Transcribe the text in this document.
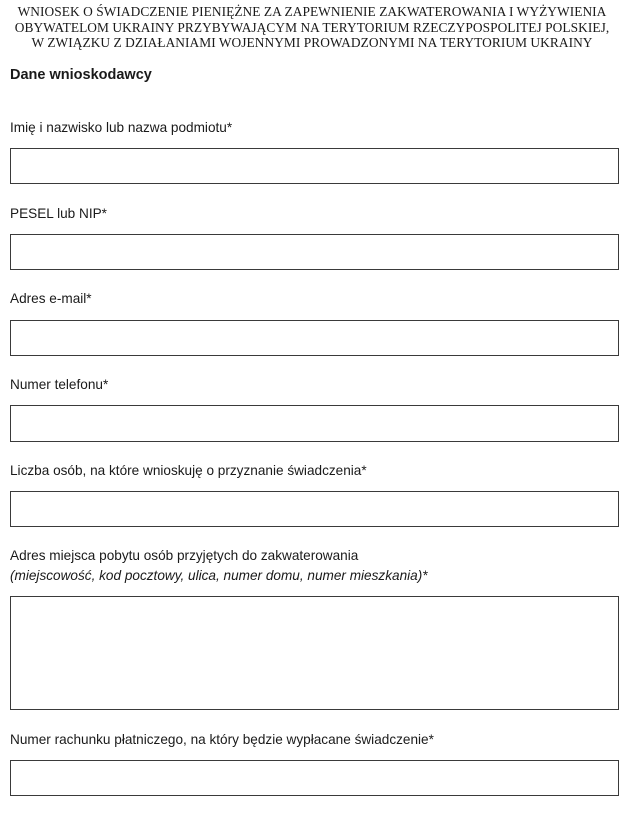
WNIOSEK O ŚWIADCZENIE PIENIĘŻNE ZA ZAPEWNIENIE ZAKWATEROWANIA I WYŻYWIENIA
OBYWATELOM UKRAINY PRZYBYWAJĄCYM NA TERYTORIUM RZECZYPOSPOLITEJ POLSKIEJ,
W ZWIĄZKU Z DZIAŁANIAMI WOJENNYMI PROWADZONYMI NA TERYTORIUM UKRAINY
Dane wnioskodawcy
Imię i nazwisko lub nazwa podmiotu*
PESEL lub NIP*
Adres e-mail*
Numer telefonu*
Liczba osób, na które wnioskuję o przyznanie świadczenia*
Adres miejsca pobytu osób przyjętych do zakwaterowania
(miejscowość, kod pocztowy, ulica, numer domu, numer mieszkania)*
Numer rachunku płatniczego, na który będzie wypłacane świadczenie*
